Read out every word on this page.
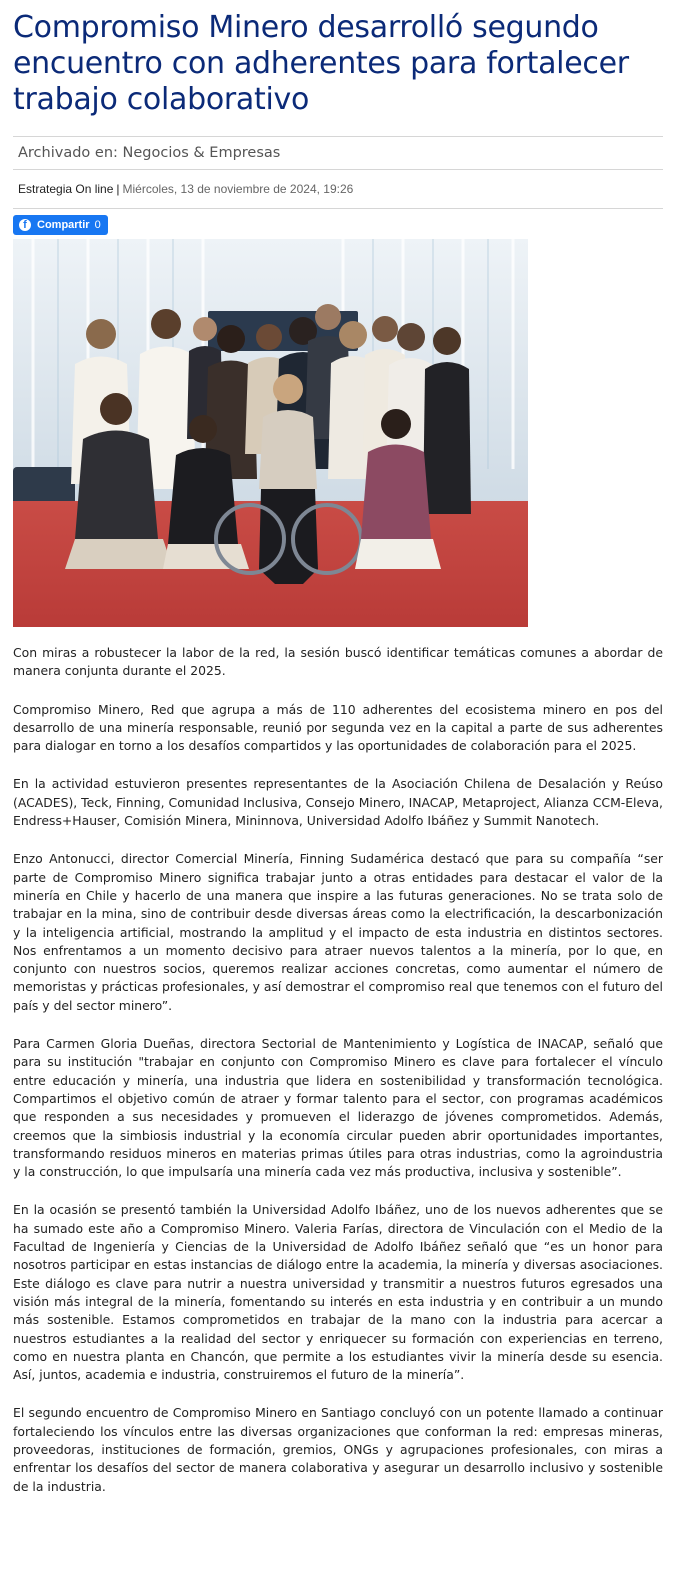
Compromiso Minero desarrolló segundo encuentro con adherentes para fortalecer trabajo colaborativo
Archivado en: Negocios & Empresas
Estrategia On line | Miércoles, 13 de noviembre de 2024, 19:26
f Compartir 0

Con miras a robustecer la labor de la red, la sesión buscó identificar temáticas comunes a abordar de manera conjunta durante el 2025.

Compromiso Minero, Red que agrupa a más de 110 adherentes del ecosistema minero en pos del desarrollo de una minería responsable, reunió por segunda vez en la capital a parte de sus adherentes para dialogar en torno a los desafíos compartidos y las oportunidades de colaboración para el 2025.

En la actividad estuvieron presentes representantes de la Asociación Chilena de Desalación y Reúso (ACADES), Teck, Finning, Comunidad Inclusiva, Consejo Minero, INACAP, Metaproject, Alianza CCM-Eleva, Endress+Hauser, Comisión Minera, Mininnova, Universidad Adolfo Ibáñez y Summit Nanotech.

Enzo Antonucci, director Comercial Minería, Finning Sudamérica destacó que para su compañía “ser parte de Compromiso Minero significa trabajar junto a otras entidades para destacar el valor de la minería en Chile y hacerlo de una manera que inspire a las futuras generaciones. No se trata solo de trabajar en la mina, sino de contribuir desde diversas áreas como la electrificación, la descarbonización y la inteligencia artificial, mostrando la amplitud y el impacto de esta industria en distintos sectores. Nos enfrentamos a un momento decisivo para atraer nuevos talentos a la minería, por lo que, en conjunto con nuestros socios, queremos realizar acciones concretas, como aumentar el número de memoristas y prácticas profesionales, y así demostrar el compromiso real que tenemos con el futuro del país y del sector minero”.

Para Carmen Gloria Dueñas, directora Sectorial de Mantenimiento y Logística de INACAP, señaló que para su institución "trabajar en conjunto con Compromiso Minero es clave para fortalecer el vínculo entre educación y minería, una industria que lidera en sostenibilidad y transformación tecnológica. Compartimos el objetivo común de atraer y formar talento para el sector, con programas académicos que responden a sus necesidades y promueven el liderazgo de jóvenes comprometidos. Además, creemos que la simbiosis industrial y la economía circular pueden abrir oportunidades importantes, transformando residuos mineros en materias primas útiles para otras industrias, como la agroindustria y la construcción, lo que impulsaría una minería cada vez más productiva, inclusiva y sostenible”.

En la ocasión se presentó también la Universidad Adolfo Ibáñez, uno de los nuevos adherentes que se ha sumado este año a Compromiso Minero. Valeria Farías, directora de Vinculación con el Medio de la Facultad de Ingeniería y Ciencias de la Universidad de Adolfo Ibáñez señaló que “es un honor para nosotros participar en estas instancias de diálogo entre la academia, la minería y diversas asociaciones. Este diálogo es clave para nutrir a nuestra universidad y transmitir a nuestros futuros egresados una visión más integral de la minería, fomentando su interés en esta industria y en contribuir a un mundo más sostenible. Estamos comprometidos en trabajar de la mano con la industria para acercar a nuestros estudiantes a la realidad del sector y enriquecer su formación con experiencias en terreno, como en nuestra planta en Chancón, que permite a los estudiantes vivir la minería desde su esencia. Así, juntos, academia e industria, construiremos el futuro de la minería”.

El segundo encuentro de Compromiso Minero en Santiago concluyó con un potente llamado a continuar fortaleciendo los vínculos entre las diversas organizaciones que conforman la red: empresas mineras, proveedoras, instituciones de formación, gremios, ONGs y agrupaciones profesionales, con miras a enfrentar los desafíos del sector de manera colaborativa y asegurar un desarrollo inclusivo y sostenible de la industria.
